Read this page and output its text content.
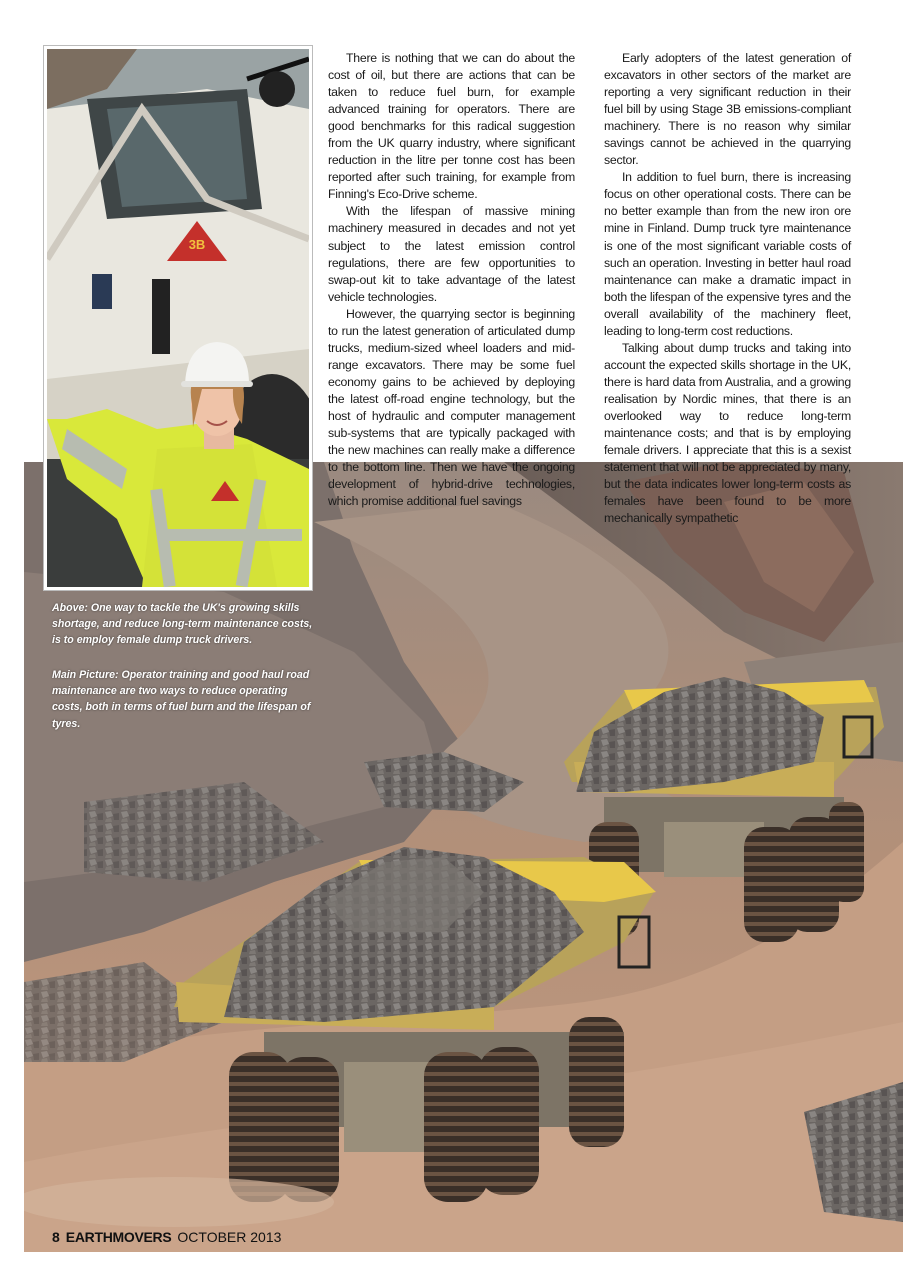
3B

There is nothing that we can do about the cost of oil, but there are actions that can be taken to reduce fuel burn, for example advanced training for operators. There are good benchmarks for this radical suggestion from the UK quarry industry, where significant reduction in the litre per tonne cost has been reported after such training, for example from Finning's Eco-Drive scheme.

With the lifespan of massive mining machinery measured in decades and not yet subject to the latest emission control regulations, there are few opportunities to swap-out kit to take advantage of the latest vehicle technologies.

However, the quarrying sector is beginning to run the latest generation of articulated dump trucks, medium-sized wheel loaders and mid-range excavators. There may be some fuel economy gains to be achieved by deploying the latest off-road engine technology, but the host of hydraulic and computer management sub-systems that are typically packaged with the new machines can really make a difference to the bottom line. Then we have the ongoing development of hybrid-drive technologies, which promise additional fuel savings

Early adopters of the latest generation of excavators in other sectors of the market are reporting a very significant reduction in their fuel bill by using Stage 3B emissions-compliant machinery. There is no reason why similar savings cannot be achieved in the quarrying sector.

In addition to fuel burn, there is increasing focus on other operational costs. There can be no better example than from the new iron ore mine in Finland. Dump truck tyre maintenance is one of the most significant variable costs of such an operation. Investing in better haul road maintenance can make a dramatic impact in both the lifespan of the expensive tyres and the overall availability of the machinery fleet, leading to long-term cost reductions.

Talking about dump trucks and taking into account the expected skills shortage in the UK, there is hard data from Australia, and a growing realisation by Nordic mines, that there is an overlooked way to reduce long-term maintenance costs; and that is by employing female drivers. I appreciate that this is a sexist statement that will not be appreciated by many, but the data indicates lower long-term costs as females have been found to be more mechanically sympathetic

Above: One way to tackle the UK's growing skills shortage, and reduce long-term maintenance costs, is to employ female dump truck drivers.

Main Picture: Operator training and good haul road maintenance are two ways to reduce operating costs, both in terms of fuel burn and the lifespan of tyres.

8 EARTHMOVERS OCTOBER 2013
